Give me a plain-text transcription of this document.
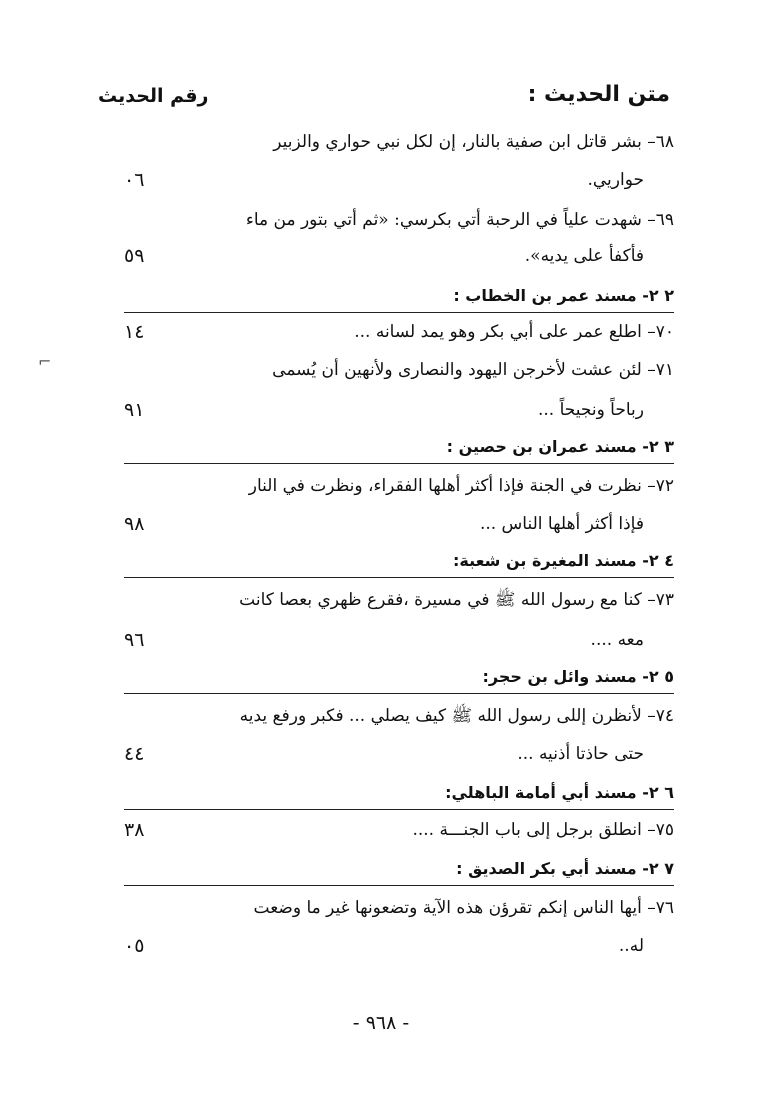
متن الحديث :
رقم الحديث
٦٨– بشر قاتل ابن صفية بالنار، إن لكل نبي حواري والزبير
حواريي.
٠٦
٦٩– شهدت علياً في الرحبة أتي بكرسي: «ثم أتي بتور من ماء
فأكفأ على يديه».
٥٩
٢ ٢- مسند عمر بن الخطاب :
٧٠– اطلع عمر على أبي بكر وهو يمد لسانه ...
١٤
٧١– لئن عشت لأخرجن اليهود والنصارى ولأنهين أن يُسمى
رباحاً ونجيحاً ...
٩١
٣ ٢- مسند عمران بن حصين :
٧٢– نظرت في الجنة فإذا أكثر أهلها الفقراء، ونظرت في النار
فإذا أكثر أهلها الناس ...
٩٨
٤ ٢- مسند المغيرة بن شعبة:
٧٣– كنا مع رسول الله ﷺ في مسيرة ،فقرع ظهري بعصا كانت
معه ....
٩٦
٥ ٢- مسند وائل بن حجر:
٧٤– لأنظرن إللى رسول الله ﷺ كيف يصلي ... فكبر ورفع يديه
حتى حاذتا أذنيه ...
٤٤
٦ ٢- مسند أبي أمامة الباهلي:
٧٥– انطلق برجل إلى باب الجنـــة ....
٣٨
٧ ٢- مسند أبي بكر الصديق :
٧٦– أيها الناس إنكم تقرؤن هذه الآية وتضعونها غير ما وضعت
له..
٠٥
⌐
- ٩٦٨ -
